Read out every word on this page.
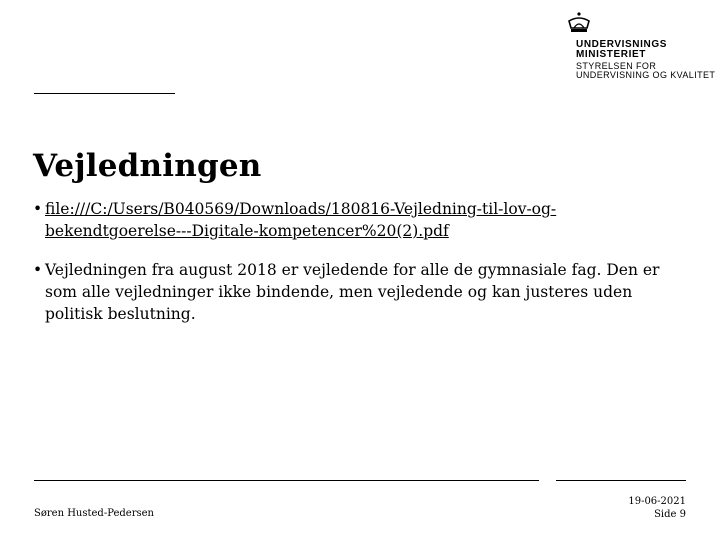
UNDERVISNINGS
MINISTERIET
STYRELSEN FOR
UNDERVISNING OG KVALITET
Vejledningen
• file:///C:/Users/B040569/Downloads/180816-Vejledning-til-lov-og-
bekendtgoerelse---Digitale-kompetencer%20(2).pdf
• Vejledningen fra august 2018 er vejledende for alle de gymnasiale fag. Den er
som alle vejledninger ikke bindende, men vejledende og kan justeres uden
politisk beslutning.
Søren Husted-Pedersen
19-06-2021
Side 9
